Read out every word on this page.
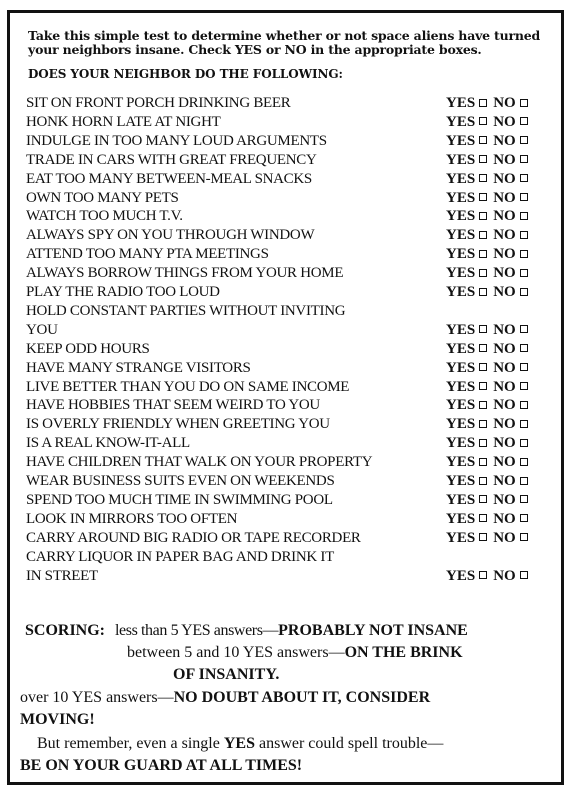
Take this simple test to determine whether or not space aliens have turned your neighbors insane. Check YES or NO in the appropriate boxes.
DOES YOUR NEIGHBOR DO THE FOLLOWING:
SIT ON FRONT PORCH DRINKING BEER	YES NO
HONK HORN LATE AT NIGHT	YES NO
INDULGE IN TOO MANY LOUD ARGUMENTS	YES NO
TRADE IN CARS WITH GREAT FREQUENCY	YES NO
EAT TOO MANY BETWEEN-MEAL SNACKS	YES NO
OWN TOO MANY PETS	YES NO
WATCH TOO MUCH T.V.	YES NO
ALWAYS SPY ON YOU THROUGH WINDOW	YES NO
ATTEND TOO MANY PTA MEETINGS	YES NO
ALWAYS BORROW THINGS FROM YOUR HOME	YES NO
PLAY THE RADIO TOO LOUD	YES NO
HOLD CONSTANT PARTIES WITHOUT INVITING
YOU	YES NO
KEEP ODD HOURS	YES NO
HAVE MANY STRANGE VISITORS	YES NO
LIVE BETTER THAN YOU DO ON SAME INCOME	YES NO
HAVE HOBBIES THAT SEEM WEIRD TO YOU	YES NO
IS OVERLY FRIENDLY WHEN GREETING YOU	YES NO
IS A REAL KNOW-IT-ALL	YES NO
HAVE CHILDREN THAT WALK ON YOUR PROPERTY	YES NO
WEAR BUSINESS SUITS EVEN ON WEEKENDS	YES NO
SPEND TOO MUCH TIME IN SWIMMING POOL	YES NO
LOOK IN MIRRORS TOO OFTEN	YES NO
CARRY AROUND BIG RADIO OR TAPE RECORDER	YES NO
CARRY LIQUOR IN PAPER BAG AND DRINK IT
IN STREET	YES NO
SCORING: less than 5 YES answers—PROBABLY NOT INSANE
between 5 and 10 YES answers—ON THE BRINK
OF INSANITY.
over 10 YES answers—NO DOUBT ABOUT IT, CONSIDER
MOVING!
But remember, even a single YES answer could spell trouble—
BE ON YOUR GUARD AT ALL TIMES!
